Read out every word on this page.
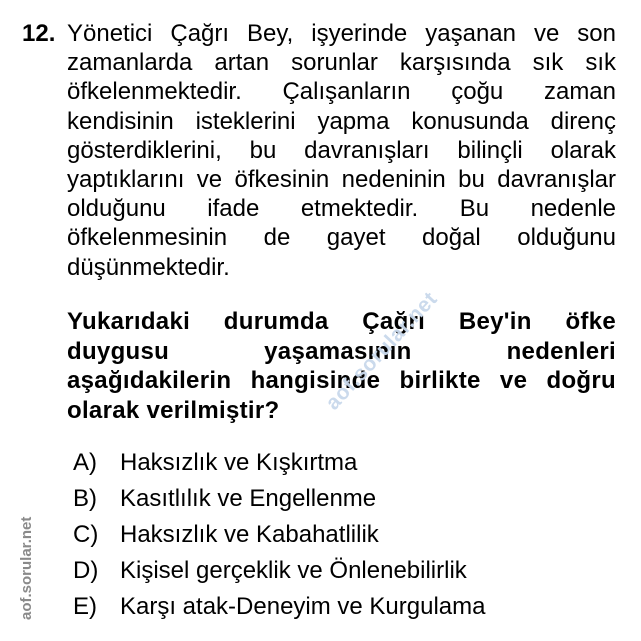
12. Yönetici Çağrı Bey, işyerinde yaşanan ve son
zamanlarda artan sorunlar karşısında sık sık
öfkelenmektedir. Çalışanların çoğu zaman
kendisinin isteklerini yapma konusunda direnç
gösterdiklerini, bu davranışları bilinçli olarak
yaptıklarını ve öfkesinin nedeninin bu davranışlar
olduğunu ifade etmektedir. Bu nedenle
öfkelenmesinin de gayet doğal olduğunu
düşünmektedir.
Yukarıdaki durumda Çağrı Bey'in öfke
duygusu yaşamasının nedenleri
aşağıdakilerin hangisinde birlikte ve doğru
olarak verilmiştir?
A) Haksızlık ve Kışkırtma
B) Kasıtlılık ve Engellenme
C) Haksızlık ve Kabahatlilik
D) Kişisel gerçeklik ve Önlenebilirlik
E) Karşı atak-Deneyim ve Kurgulama
aof.sorular.net
aof.sorular.net
